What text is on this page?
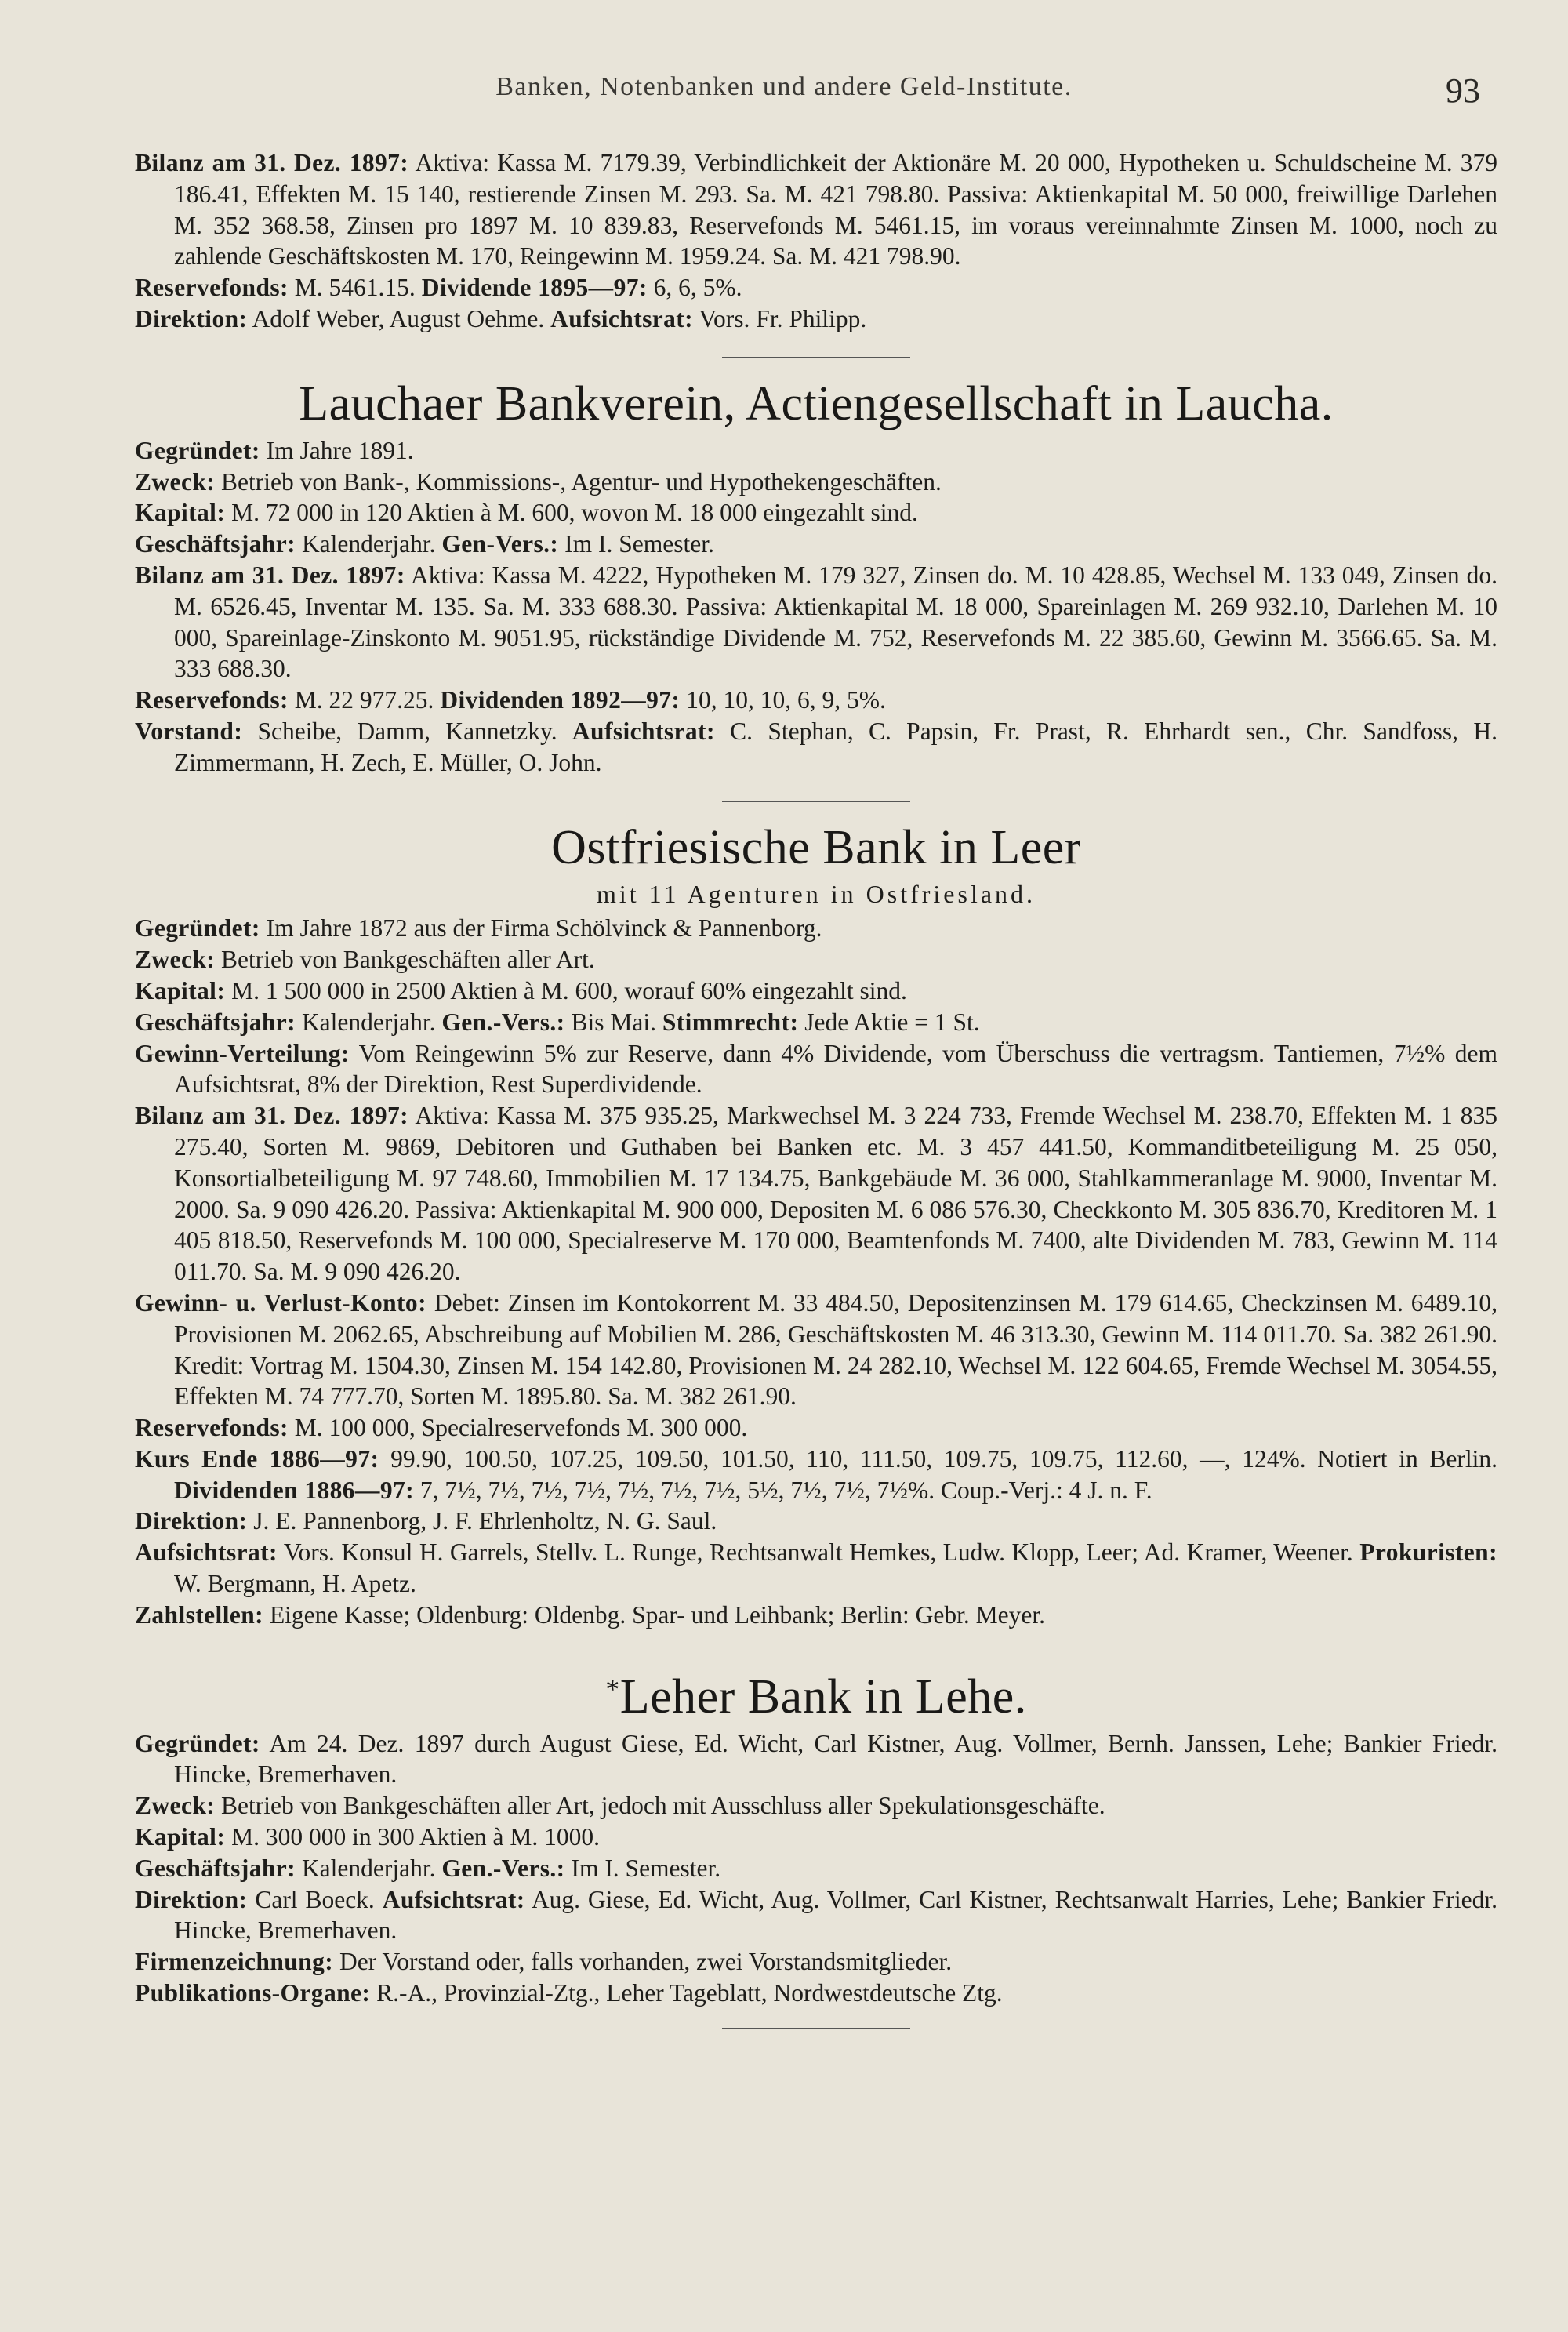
Banken, Notenbanken und andere Geld-Institute.	93

Bilanz am 31. Dez. 1897: Aktiva: Kassa M. 7179.39, Verbindlichkeit der Aktionäre M. 20 000, Hypotheken u. Schuldscheine M. 379 186.41, Effekten M. 15 140, restierende Zinsen M. 293. Sa. M. 421 798.80. Passiva: Aktienkapital M. 50 000, freiwillige Darlehen M. 352 368.58, Zinsen pro 1897 M. 10 839.83, Reservefonds M. 5461.15, im voraus vereinnahmte Zinsen M. 1000, noch zu zahlende Geschäftskosten M. 170, Reingewinn M. 1959.24. Sa. M. 421 798.90.

Reservefonds: M. 5461.15. Dividende 1895—97: 6, 6, 5%.

Direktion: Adolf Weber, August Oehme. Aufsichtsrat: Vors. Fr. Philipp.

Lauchaer Bankverein, Actiengesellschaft in Laucha.

Gegründet: Im Jahre 1891.

Zweck: Betrieb von Bank-, Kommissions-, Agentur- und Hypothekengeschäften.

Kapital: M. 72 000 in 120 Aktien à M. 600, wovon M. 18 000 eingezahlt sind.

Geschäftsjahr: Kalenderjahr. Gen-Vers.: Im I. Semester.

Bilanz am 31. Dez. 1897: Aktiva: Kassa M. 4222, Hypotheken M. 179 327, Zinsen do. M. 10 428.85, Wechsel M. 133 049, Zinsen do. M. 6526.45, Inventar M. 135. Sa. M. 333 688.30. Passiva: Aktienkapital M. 18 000, Spareinlagen M. 269 932.10, Darlehen M. 10 000, Spareinlage-Zinskonto M. 9051.95, rückständige Dividende M. 752, Reservefonds M. 22 385.60, Gewinn M. 3566.65. Sa. M. 333 688.30.

Reservefonds: M. 22 977.25. Dividenden 1892—97: 10, 10, 10, 6, 9, 5%.

Vorstand: Scheibe, Damm, Kannetzky. Aufsichtsrat: C. Stephan, C. Papsin, Fr. Prast, R. Ehrhardt sen., Chr. Sandfoss, H. Zimmermann, H. Zech, E. Müller, O. John.

Ostfriesische Bank in Leer
mit 11 Agenturen in Ostfriesland.

Gegründet: Im Jahre 1872 aus der Firma Schölvinck & Pannenborg.

Zweck: Betrieb von Bankgeschäften aller Art.

Kapital: M. 1 500 000 in 2500 Aktien à M. 600, worauf 60% eingezahlt sind.

Geschäftsjahr: Kalenderjahr. Gen.-Vers.: Bis Mai. Stimmrecht: Jede Aktie = 1 St.

Gewinn-Verteilung: Vom Reingewinn 5% zur Reserve, dann 4% Dividende, vom Überschuss die vertragsm. Tantiemen, 7½% dem Aufsichtsrat, 8% der Direktion, Rest Superdividende.

Bilanz am 31. Dez. 1897: Aktiva: Kassa M. 375 935.25, Markwechsel M. 3 224 733, Fremde Wechsel M. 238.70, Effekten M. 1 835 275.40, Sorten M. 9869, Debitoren und Guthaben bei Banken etc. M. 3 457 441.50, Kommanditbeteiligung M. 25 050, Konsortialbeteiligung M. 97 748.60, Immobilien M. 17 134.75, Bankgebäude M. 36 000, Stahlkammeranlage M. 9000, Inventar M. 2000. Sa. 9 090 426.20. Passiva: Aktienkapital M. 900 000, Depositen M. 6 086 576.30, Checkkonto M. 305 836.70, Kreditoren M. 1 405 818.50, Reservefonds M. 100 000, Specialreserve M. 170 000, Beamtenfonds M. 7400, alte Dividenden M. 783, Gewinn M. 114 011.70. Sa. M. 9 090 426.20.

Gewinn- u. Verlust-Konto: Debet: Zinsen im Kontokorrent M. 33 484.50, Depositenzinsen M. 179 614.65, Checkzinsen M. 6489.10, Provisionen M. 2062.65, Abschreibung auf Mobilien M. 286, Geschäftskosten M. 46 313.30, Gewinn M. 114 011.70. Sa. 382 261.90. Kredit: Vortrag M. 1504.30, Zinsen M. 154 142.80, Provisionen M. 24 282.10, Wechsel M. 122 604.65, Fremde Wechsel M. 3054.55, Effekten M. 74 777.70, Sorten M. 1895.80. Sa. M. 382 261.90.

Reservefonds: M. 100 000, Specialreservefonds M. 300 000.

Kurs Ende 1886—97: 99.90, 100.50, 107.25, 109.50, 101.50, 110, 111.50, 109.75, 109.75, 112.60, —, 124%. Notiert in Berlin. Dividenden 1886—97: 7, 7½, 7½, 7½, 7½, 7½, 7½, 7½, 5½, 7½, 7½, 7½%. Coup.-Verj.: 4 J. n. F.

Direktion: J. E. Pannenborg, J. F. Ehrlenholtz, N. G. Saul.

Aufsichtsrat: Vors. Konsul H. Garrels, Stellv. L. Runge, Rechtsanwalt Hemkes, Ludw. Klopp, Leer; Ad. Kramer, Weener. Prokuristen: W. Bergmann, H. Apetz.

Zahlstellen: Eigene Kasse; Oldenburg: Oldenbg. Spar- und Leihbank; Berlin: Gebr. Meyer.

*Leher Bank in Lehe.

Gegründet: Am 24. Dez. 1897 durch August Giese, Ed. Wicht, Carl Kistner, Aug. Vollmer, Bernh. Janssen, Lehe; Bankier Friedr. Hincke, Bremerhaven.

Zweck: Betrieb von Bankgeschäften aller Art, jedoch mit Ausschluss aller Spekulationsgeschäfte.

Kapital: M. 300 000 in 300 Aktien à M. 1000.

Geschäftsjahr: Kalenderjahr. Gen.-Vers.: Im I. Semester.

Direktion: Carl Boeck. Aufsichtsrat: Aug. Giese, Ed. Wicht, Aug. Vollmer, Carl Kistner, Rechtsanwalt Harries, Lehe; Bankier Friedr. Hincke, Bremerhaven.

Firmenzeichnung: Der Vorstand oder, falls vorhanden, zwei Vorstandsmitglieder.

Publikations-Organe: R.-A., Provinzial-Ztg., Leher Tageblatt, Nordwestdeutsche Ztg.
